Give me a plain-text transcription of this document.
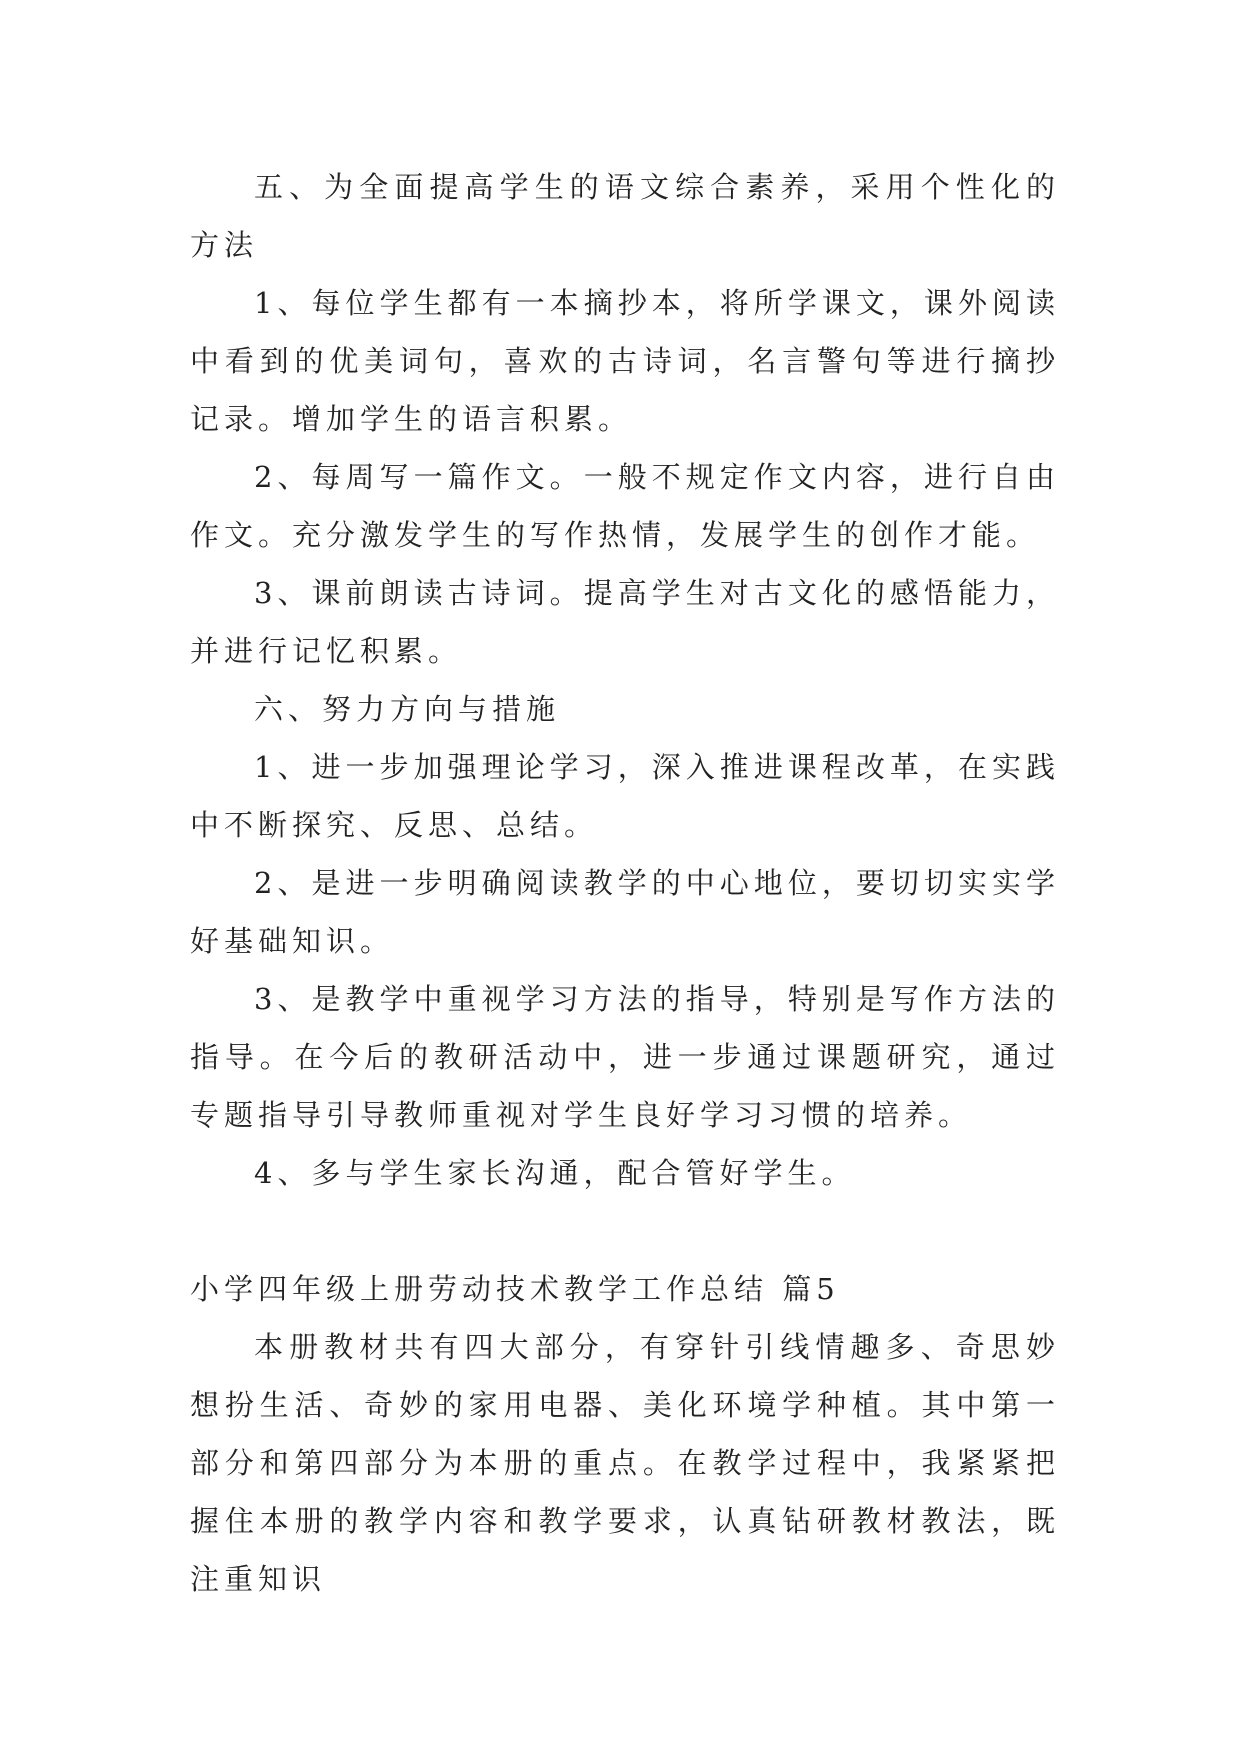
五、为全面提高学生的语文综合素养，采用个性化的方法

1、每位学生都有一本摘抄本，将所学课文，课外阅读中看到的优美词句，喜欢的古诗词，名言警句等进行摘抄记录。增加学生的语言积累。

2、每周写一篇作文。一般不规定作文内容，进行自由作文。充分激发学生的写作热情，发展学生的创作才能。

3、课前朗读古诗词。提高学生对古文化的感悟能力，并进行记忆积累。

六、努力方向与措施

1、进一步加强理论学习，深入推进课程改革，在实践中不断探究、反思、总结。

2、是进一步明确阅读教学的中心地位，要切切实实学好基础知识。

3、是教学中重视学习方法的指导，特别是写作方法的指导。在今后的教研活动中，进一步通过课题研究，通过专题指导引导教师重视对学生良好学习习惯的培养。

4、多与学生家长沟通，配合管好学生。

小学四年级上册劳动技术教学工作总结 篇5

本册教材共有四大部分，有穿针引线情趣多、奇思妙想扮生活、奇妙的家用电器、美化环境学种植。其中第一部分和第四部分为本册的重点。在教学过程中，我紧紧把握住本册的教学内容和教学要求，认真钻研教材教法，既注重知识
